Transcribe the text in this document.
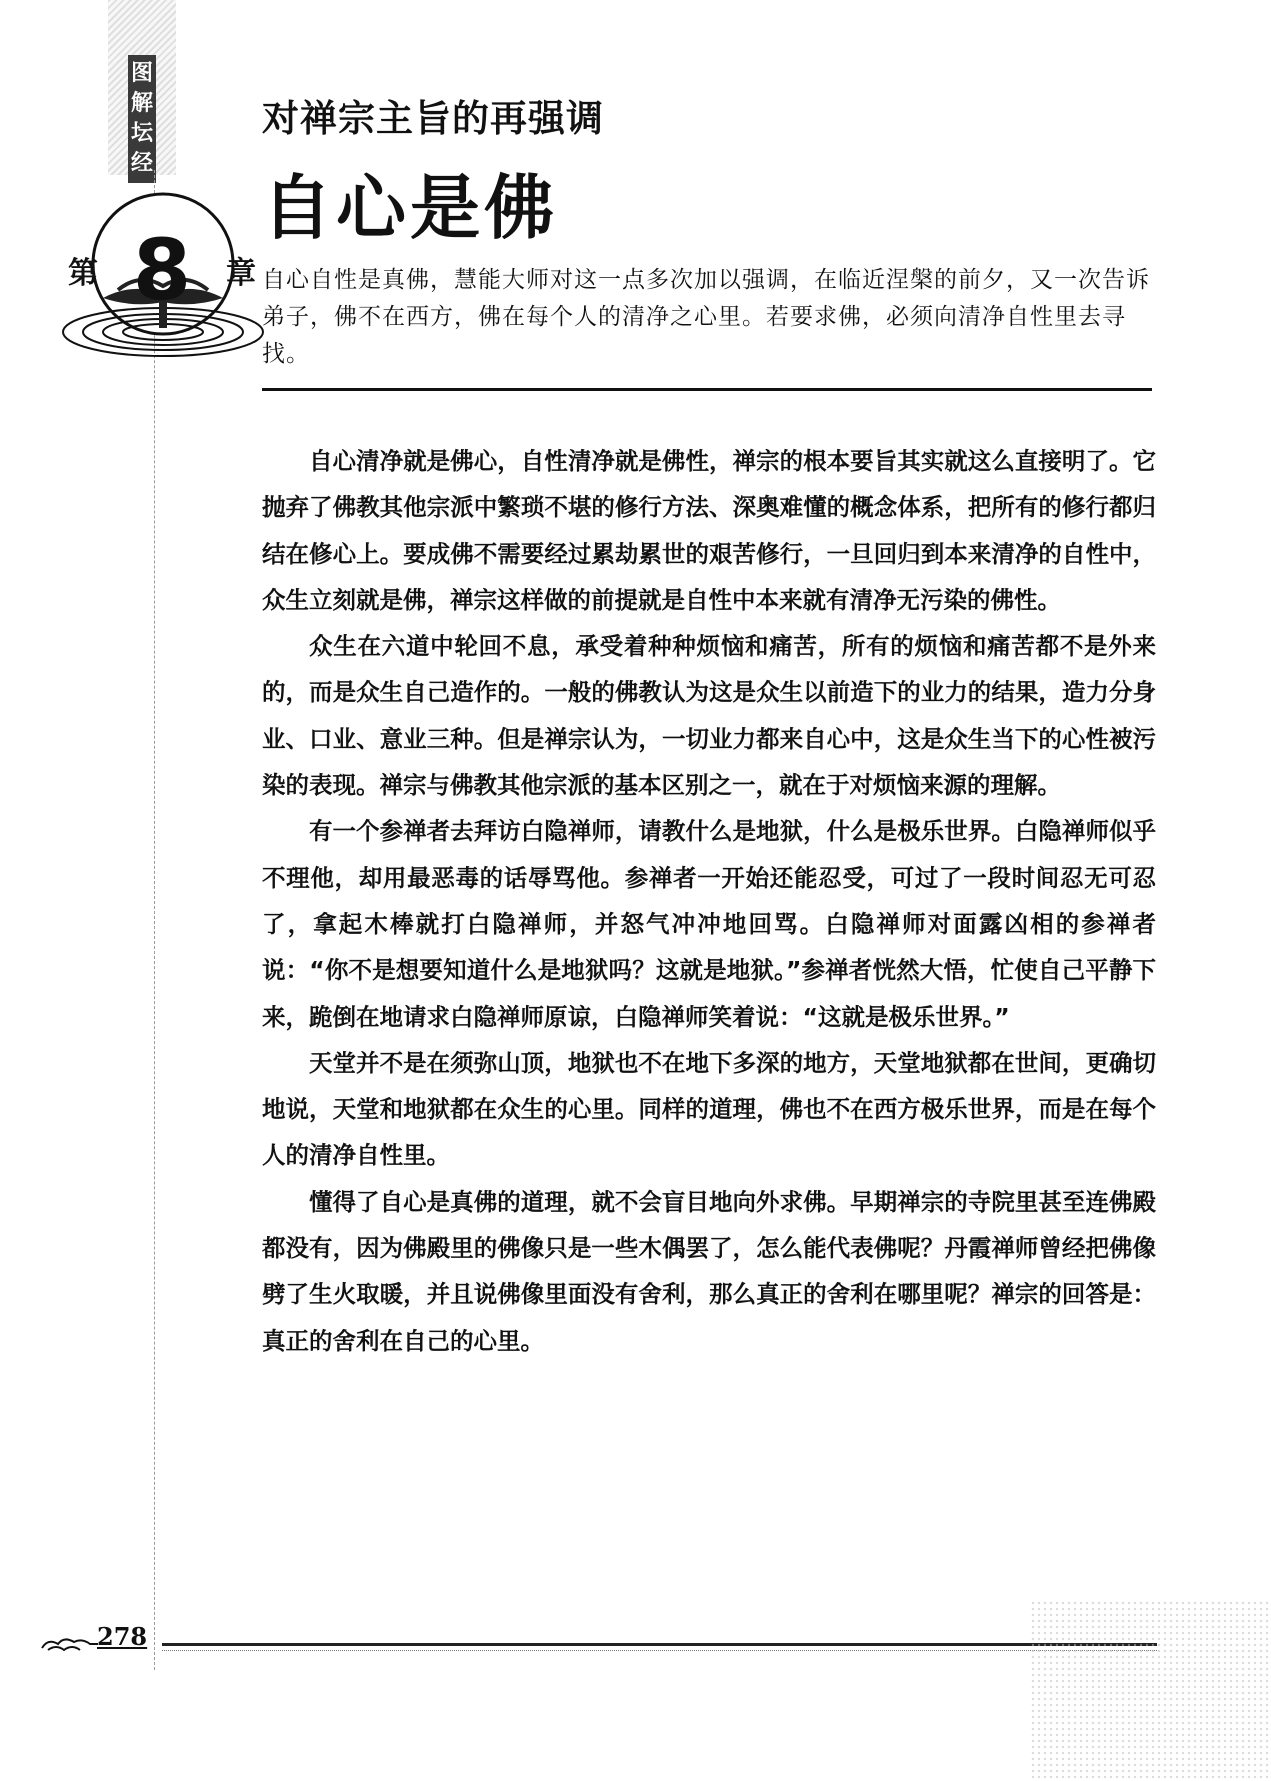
图解坛经
第 8 章
对禅宗主旨的再强调
自心是佛
自心自性是真佛，慧能大师对这一点多次加以强调，在临近涅槃的前夕，又一次告诉弟子，佛不在西方，佛在每个人的清净之心里。若要求佛，必须向清净自性里去寻找。

自心清净就是佛心，自性清净就是佛性，禅宗的根本要旨其实就这么直接明了。它抛弃了佛教其他宗派中繁琐不堪的修行方法、深奥难懂的概念体系，把所有的修行都归结在修心上。要成佛不需要经过累劫累世的艰苦修行，一旦回归到本来清净的自性中，众生立刻就是佛，禅宗这样做的前提就是自性中本来就有清净无污染的佛性。

众生在六道中轮回不息，承受着种种烦恼和痛苦，所有的烦恼和痛苦都不是外来的，而是众生自己造作的。一般的佛教认为这是众生以前造下的业力的结果，造力分身业、口业、意业三种。但是禅宗认为，一切业力都来自心中，这是众生当下的心性被污染的表现。禅宗与佛教其他宗派的基本区别之一，就在于对烦恼来源的理解。

有一个参禅者去拜访白隐禅师，请教什么是地狱，什么是极乐世界。白隐禅师似乎不理他，却用最恶毒的话辱骂他。参禅者一开始还能忍受，可过了一段时间忍无可忍了，拿起木棒就打白隐禅师，并怒气冲冲地回骂。白隐禅师对面露凶相的参禅者说：“你不是想要知道什么是地狱吗？这就是地狱。”参禅者恍然大悟，忙使自己平静下来，跪倒在地请求白隐禅师原谅，白隐禅师笑着说：“这就是极乐世界。”

天堂并不是在须弥山顶，地狱也不在地下多深的地方，天堂地狱都在世间，更确切地说，天堂和地狱都在众生的心里。同样的道理，佛也不在西方极乐世界，而是在每个人的清净自性里。

懂得了自心是真佛的道理，就不会盲目地向外求佛。早期禅宗的寺院里甚至连佛殿都没有，因为佛殿里的佛像只是一些木偶罢了，怎么能代表佛呢？丹霞禅师曾经把佛像劈了生火取暖，并且说佛像里面没有舍利，那么真正的舍利在哪里呢？禅宗的回答是：真正的舍利在自己的心里。

278
